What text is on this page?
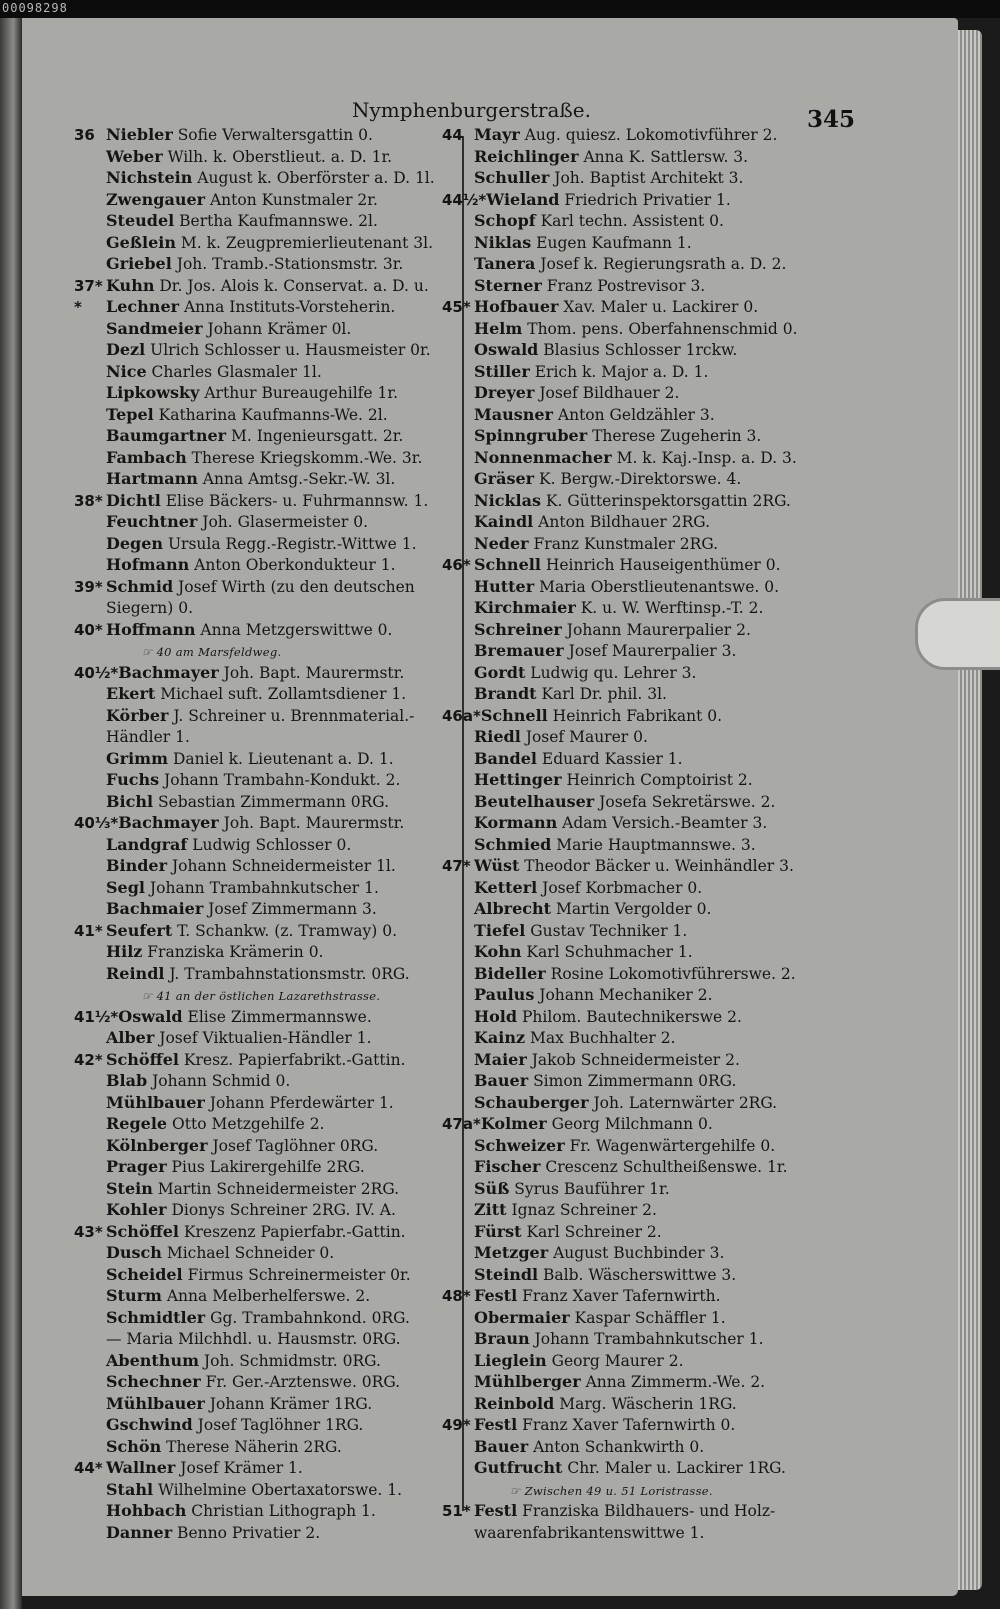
00098298
Nymphenburgerstraße.	345
36 Niebler Sofie Verwaltersgattin 0.
Weber Wilh. k. Oberstlieut. a. D. 1r.
Nichstein August k. Oberförster a. D. 1l.
Zwengauer Anton Kunstmaler 2r.
Steudel Bertha Kaufmannswe. 2l.
Geßlein M. k. Zeugpremierlieutenant 3l.
Griebel Joh. Tramb.-Stationsmstr. 3r.
37* Kuhn Dr. Jos. Alois k. Conservat. a. D. u.
* Lechner Anna Instituts-Vorsteherin.
Sandmeier Johann Krämer 0l.
Dezl Ulrich Schlosser u. Hausmeister 0r.
Nice Charles Glasmaler 1l.
Lipkowsky Arthur Bureaugehilfe 1r.
Tepel Katharina Kaufmanns-We. 2l.
Baumgartner M. Ingenieursgatt. 2r.
Fambach Therese Kriegskomm.-We. 3r.
Hartmann Anna Amtsg.-Sekr.-W. 3l.
38* Dichtl Elise Bäckers- u. Fuhrmannsw. 1.
Feuchtner Joh. Glasermeister 0.
Degen Ursula Regg.-Registr.-Wittwe 1.
Hofmann Anton Oberkondukteur 1.
39* Schmid Josef Wirth (zu den deutschen
Siegern) 0.
40* Hoffmann Anna Metzgerswittwe 0.
☞ 40 am Marsfeldweg.
40½*Bachmayer Joh. Bapt. Maurermstr.
Ekert Michael suft. Zollamtsdiener 1.
Körber J. Schreiner u. Brennmaterial.-
Händler 1.
Grimm Daniel k. Lieutenant a. D. 1.
Fuchs Johann Trambahn-Kondukt. 2.
Bichl Sebastian Zimmermann 0RG.
40⅓*Bachmayer Joh. Bapt. Maurermstr.
Landgraf Ludwig Schlosser 0.
Binder Johann Schneidermeister 1l.
Segl Johann Trambahnkutscher 1.
Bachmaier Josef Zimmermann 3.
41* Seufert T. Schankw. (z. Tramway) 0.
Hilz Franziska Krämerin 0.
Reindl J. Trambahnstationsmstr. 0RG.
☞ 41 an der östlichen Lazarethstrasse.
41½*Oswald Elise Zimmermannswe.
Alber Josef Viktualien-Händler 1.
42* Schöffel Kresz. Papierfabrikt.-Gattin.
Blab Johann Schmid 0.
Mühlbauer Johann Pferdewärter 1.
Regele Otto Metzgehilfe 2.
Kölnberger Josef Taglöhner 0RG.
Prager Pius Lakirergehilfe 2RG.
Stein Martin Schneidermeister 2RG.
Kohler Dionys Schreiner 2RG. IV. A.
43* Schöffel Kreszenz Papierfabr.-Gattin.
Dusch Michael Schneider 0.
Scheidel Firmus Schreinermeister 0r.
Sturm Anna Melberhelferswe. 2.
Schmidtler Gg. Trambahnkond. 0RG.
— Maria Milchhdl. u. Hausmstr. 0RG.
Abenthum Joh. Schmidmstr. 0RG.
Schechner Fr. Ger.-Arztenswe. 0RG.
Mühlbauer Johann Krämer 1RG.
Gschwind Josef Taglöhner 1RG.
Schön Therese Näherin 2RG.
44* Wallner Josef Krämer 1.
Stahl Wilhelmine Obertaxatorswe. 1.
Hohbach Christian Lithograph 1.
Danner Benno Privatier 2.
44 Mayr Aug. quiesz. Lokomotivführer 2.
Reichlinger Anna K. Sattlersw. 3.
Schuller Joh. Baptist Architekt 3.
44½*Wieland Friedrich Privatier 1.
Schopf Karl techn. Assistent 0.
Niklas Eugen Kaufmann 1.
Tanera Josef k. Regierungsrath a. D. 2.
Sterner Franz Postrevisor 3.
45* Hofbauer Xav. Maler u. Lackirer 0.
Helm Thom. pens. Oberfahnenschmid 0.
Oswald Blasius Schlosser 1rckw.
Stiller Erich k. Major a. D. 1.
Dreyer Josef Bildhauer 2.
Mausner Anton Geldzähler 3.
Spinngruber Therese Zugeherin 3.
Nonnenmacher M. k. Kaj.-Insp. a. D. 3.
Gräser K. Bergw.-Direktorswe. 4.
Nicklas K. Gütterinspektorsgattin 2RG.
Kaindl Anton Bildhauer 2RG.
Neder Franz Kunstmaler 2RG.
46* Schnell Heinrich Hauseigenthümer 0.
Hutter Maria Oberstlieutenantswe. 0.
Kirchmaier K. u. W. Werftinsp.-T. 2.
Schreiner Johann Maurerpalier 2.
Bremauer Josef Maurerpalier 3.
Gordt Ludwig qu. Lehrer 3.
Brandt Karl Dr. phil. 3l.
46a*Schnell Heinrich Fabrikant 0.
Riedl Josef Maurer 0.
Bandel Eduard Kassier 1.
Hettinger Heinrich Comptoirist 2.
Beutelhauser Josefa Sekretärswe. 2.
Kormann Adam Versich.-Beamter 3.
Schmied Marie Hauptmannswe. 3.
47* Wüst Theodor Bäcker u. Weinhändler 3.
Ketterl Josef Korbmacher 0.
Albrecht Martin Vergolder 0.
Tiefel Gustav Techniker 1.
Kohn Karl Schuhmacher 1.
Bideller Rosine Lokomotivführerswe. 2.
Paulus Johann Mechaniker 2.
Hold Philom. Bautechnikerswe 2.
Kainz Max Buchhalter 2.
Maier Jakob Schneidermeister 2.
Bauer Simon Zimmermann 0RG.
Schauberger Joh. Laternwärter 2RG.
47a*Kolmer Georg Milchmann 0.
Schweizer Fr. Wagenwärtergehilfe 0.
Fischer Crescenz Schultheißenswe. 1r.
Süß Syrus Bauführer 1r.
Zitt Ignaz Schreiner 2.
Fürst Karl Schreiner 2.
Metzger August Buchbinder 3.
Steindl Balb. Wäscherswittwe 3.
48* Festl Franz Xaver Tafernwirth.
Obermaier Kaspar Schäffler 1.
Braun Johann Trambahnkutscher 1.
Lieglein Georg Maurer 2.
Mühlberger Anna Zimmerm.-We. 2.
Reinbold Marg. Wäscherin 1RG.
49* Festl Franz Xaver Tafernwirth 0.
Bauer Anton Schankwirth 0.
Gutfrucht Chr. Maler u. Lackirer 1RG.
☞ Zwischen 49 u. 51 Loristrasse.
51* Festl Franziska Bildhauers- und Holz-
waarenfabrikantenswittwe 1.
